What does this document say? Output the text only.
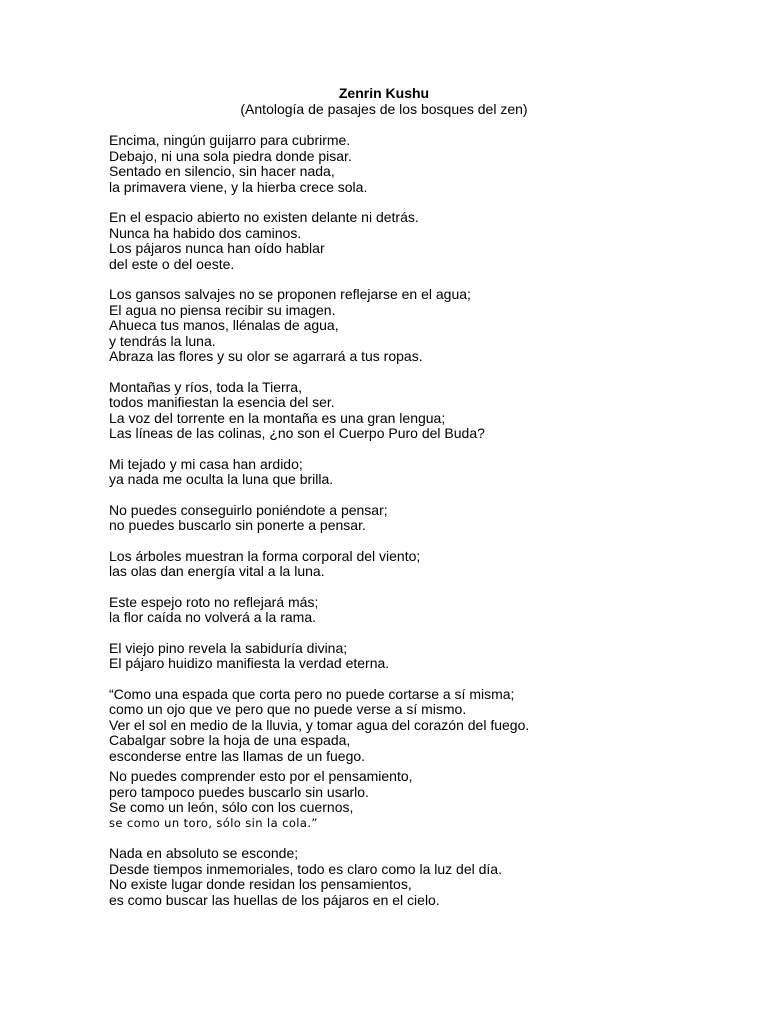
Zenrin Kushu
(Antología de pasajes de los bosques del zen)
Encima, ningún guijarro para cubrirme.
Debajo, ni una sola piedra donde pisar.
Sentado en silencio, sin hacer nada,
la primavera viene, y la hierba crece sola.
En el espacio abierto no existen delante ni detrás.
Nunca ha habido dos caminos.
Los pájaros nunca han oído hablar
del este o del oeste.
Los gansos salvajes no se proponen reflejarse en el agua;
El agua no piensa recibir su imagen.
Ahueca tus manos, llénalas de agua,
y tendrás la luna.
Abraza las flores y su olor se agarrará a tus ropas.
Montañas y ríos, toda la Tierra,
todos manifiestan la esencia del ser.
La voz del torrente en la montaña es una gran lengua;
Las líneas de las colinas, ¿no son el Cuerpo Puro del Buda?
Mi tejado y mi casa han ardido;
ya nada me oculta la luna que brilla.
No puedes conseguirlo poniéndote a pensar;
no puedes buscarlo sin ponerte a pensar.
Los árboles muestran la forma corporal del viento;
las olas dan energía vital a la luna.
Este espejo roto no reflejará más;
la flor caída no volverá a la rama.
El viejo pino revela la sabiduría divina;
El pájaro huidizo manifiesta la verdad eterna.
“Como una espada que corta pero no puede cortarse a sí misma;
como un ojo que ve pero que no puede verse a sí mismo.
Ver el sol en medio de la lluvia, y tomar agua del corazón del fuego.
Cabalgar sobre la hoja de una espada,
esconderse entre las llamas de un fuego.
No puedes comprender esto por el pensamiento,
pero tampoco puedes buscarlo sin usarlo.
Se como un león, sólo con los cuernos,
se como un toro, sólo sin la cola.”
Nada en absoluto se esconde;
Desde tiempos inmemoriales, todo es claro como la luz del día.
No existe lugar donde residan los pensamientos,
es como buscar las huellas de los pájaros en el cielo.
